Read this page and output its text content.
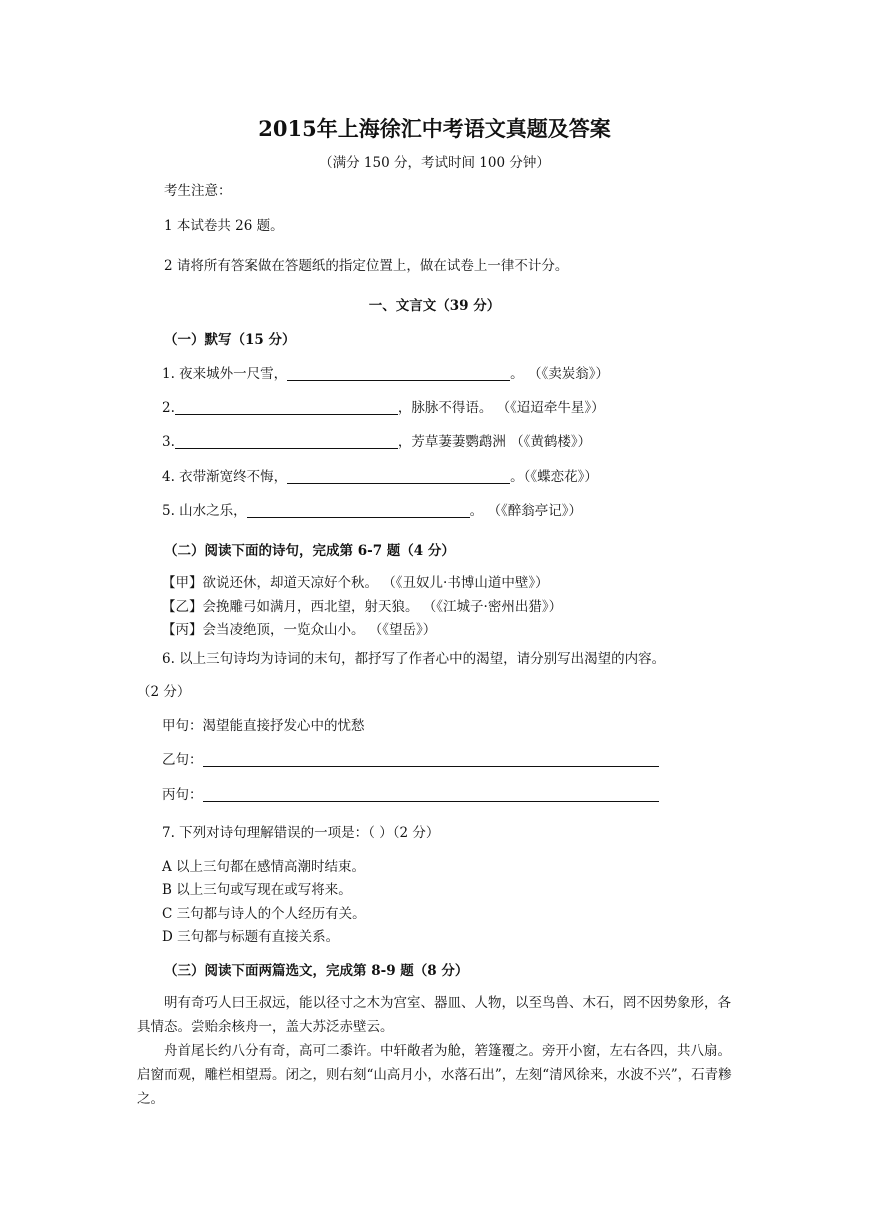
2015年上海徐汇中考语文真题及答案
（满分 150 分，考试时间 100 分钟）
考生注意：
1 本试卷共 26 题。
2 请将所有答案做在答题纸的指定位置上，做在试卷上一律不计分。
一、文言文（39 分）
（一）默写（15 分）
1. 夜来城外一尺雪，	。 （《卖炭翁》）
2.	，脉脉不得语。 （《迢迢牵牛星》）
3.	，芳草萋萋鹦鹉洲 （《黄鹤楼》）
4. 衣带渐宽终不悔，	。（《蝶恋花》）
5. 山水之乐，	。 （《醉翁亭记》）
（二）阅读下面的诗句，完成第 6-7 题（4 分）
【甲】欲说还休，却道天凉好个秋。 （《丑奴儿·书博山道中壁》）
【乙】会挽雕弓如满月，西北望，射天狼。 （《江城子·密州出猎》）
【丙】会当凌绝顶，一览众山小。 （《望岳》）
6. 以上三句诗均为诗词的末句，都抒写了作者心中的渴望，请分别写出渴望的内容。
（2 分）
甲句：渴望能直接抒发心中的忧愁
乙句：
丙句：
7. 下列对诗句理解错误的一项是：（ ）（2 分）
A 以上三句都在感情高潮时结束。
B 以上三句或写现在或写将来。
C 三句都与诗人的个人经历有关。
D 三句都与标题有直接关系。
（三）阅读下面两篇选文，完成第 8-9 题（8 分）
明有奇巧人曰王叔远，能以径寸之木为宫室、器皿、人物，以至鸟兽、木石，罔不因势象形，各具情态。尝贻余核舟一，盖大苏泛赤壁云。
舟首尾长约八分有奇，高可二黍许。中轩敞者为舱，箬篷覆之。旁开小窗，左右各四，共八扇。启窗而观，雕栏相望焉。闭之，则右刻“山高月小，水落石出”，左刻“清风徐来，水波不兴”，石青糁之。
